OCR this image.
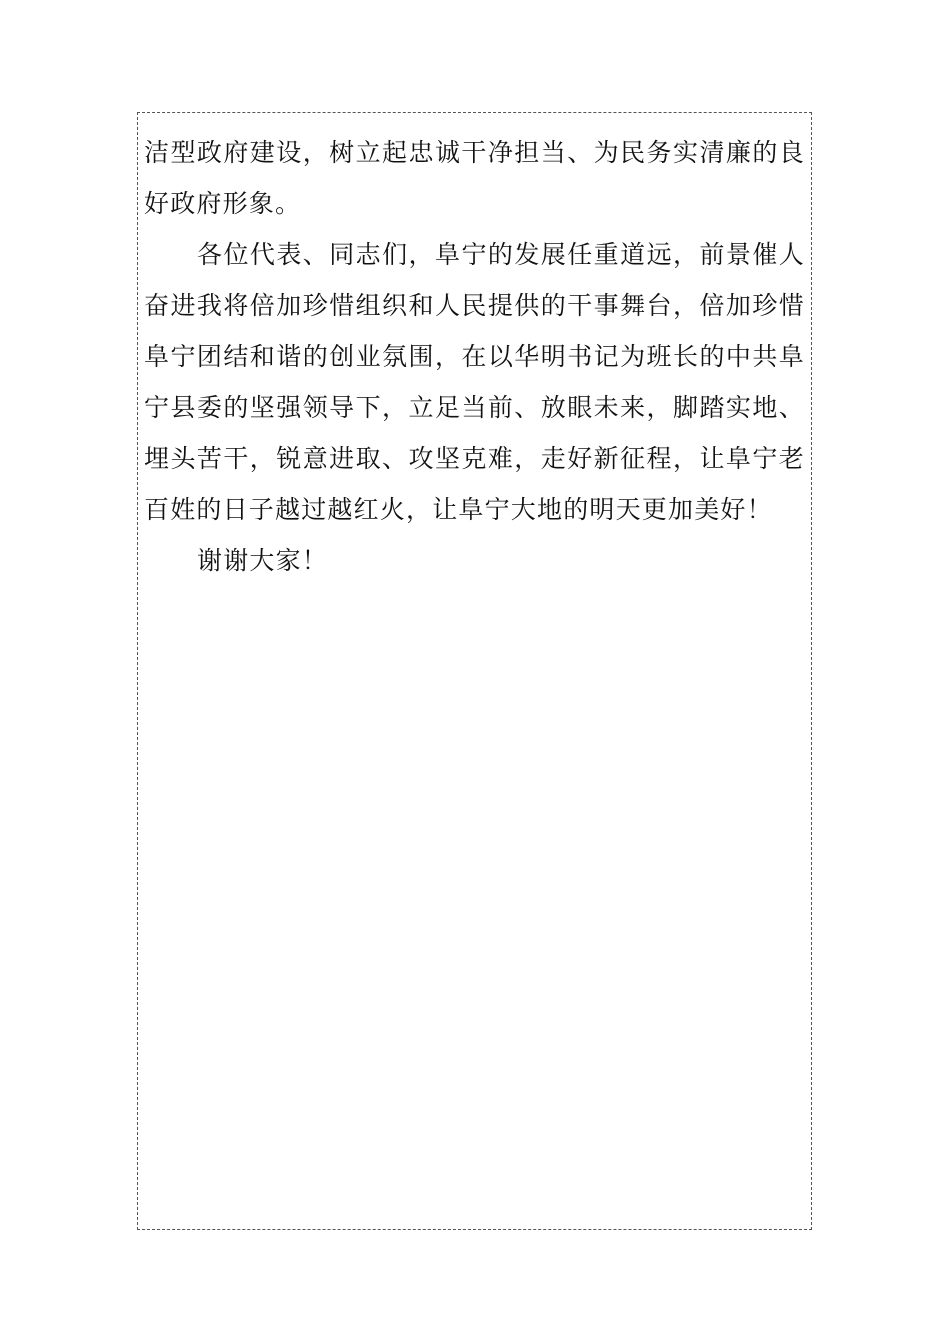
洁型政府建设，树立起忠诚干净担当、为民务实清廉的良好政府形象。

各位代表、同志们，阜宁的发展任重道远，前景催人奋进我将倍加珍惜组织和人民提供的干事舞台，倍加珍惜阜宁团结和谐的创业氛围，在以华明书记为班长的中共阜宁县委的坚强领导下，立足当前、放眼未来，脚踏实地、埋头苦干，锐意进取、攻坚克难，走好新征程，让阜宁老百姓的日子越过越红火，让阜宁大地的明天更加美好！

谢谢大家！
